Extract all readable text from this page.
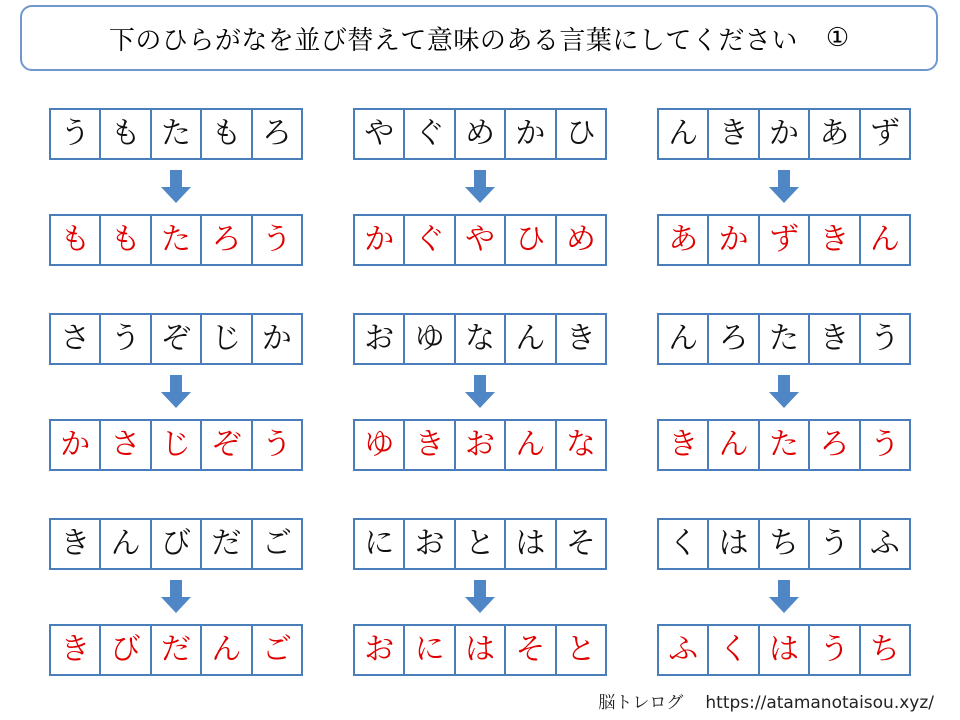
下のひらがなを並び替えて意味のある言葉にしてください ①
う も た も ろ
も も た ろ う
や ぐ め か ひ
か ぐ や ひ め
ん き か あ ず
あ か ず き ん
さ う ぞ じ か
か さ じ ぞ う
お ゆ な ん き
ゆ き お ん な
ん ろ た き う
き ん た ろ う
き ん び だ ご
き び だ ん ご
に お と は そ
お に は そ と
く は ち う ふ
ふ く は う ち
脳トレログ https://atamanotaisou.xyz/
